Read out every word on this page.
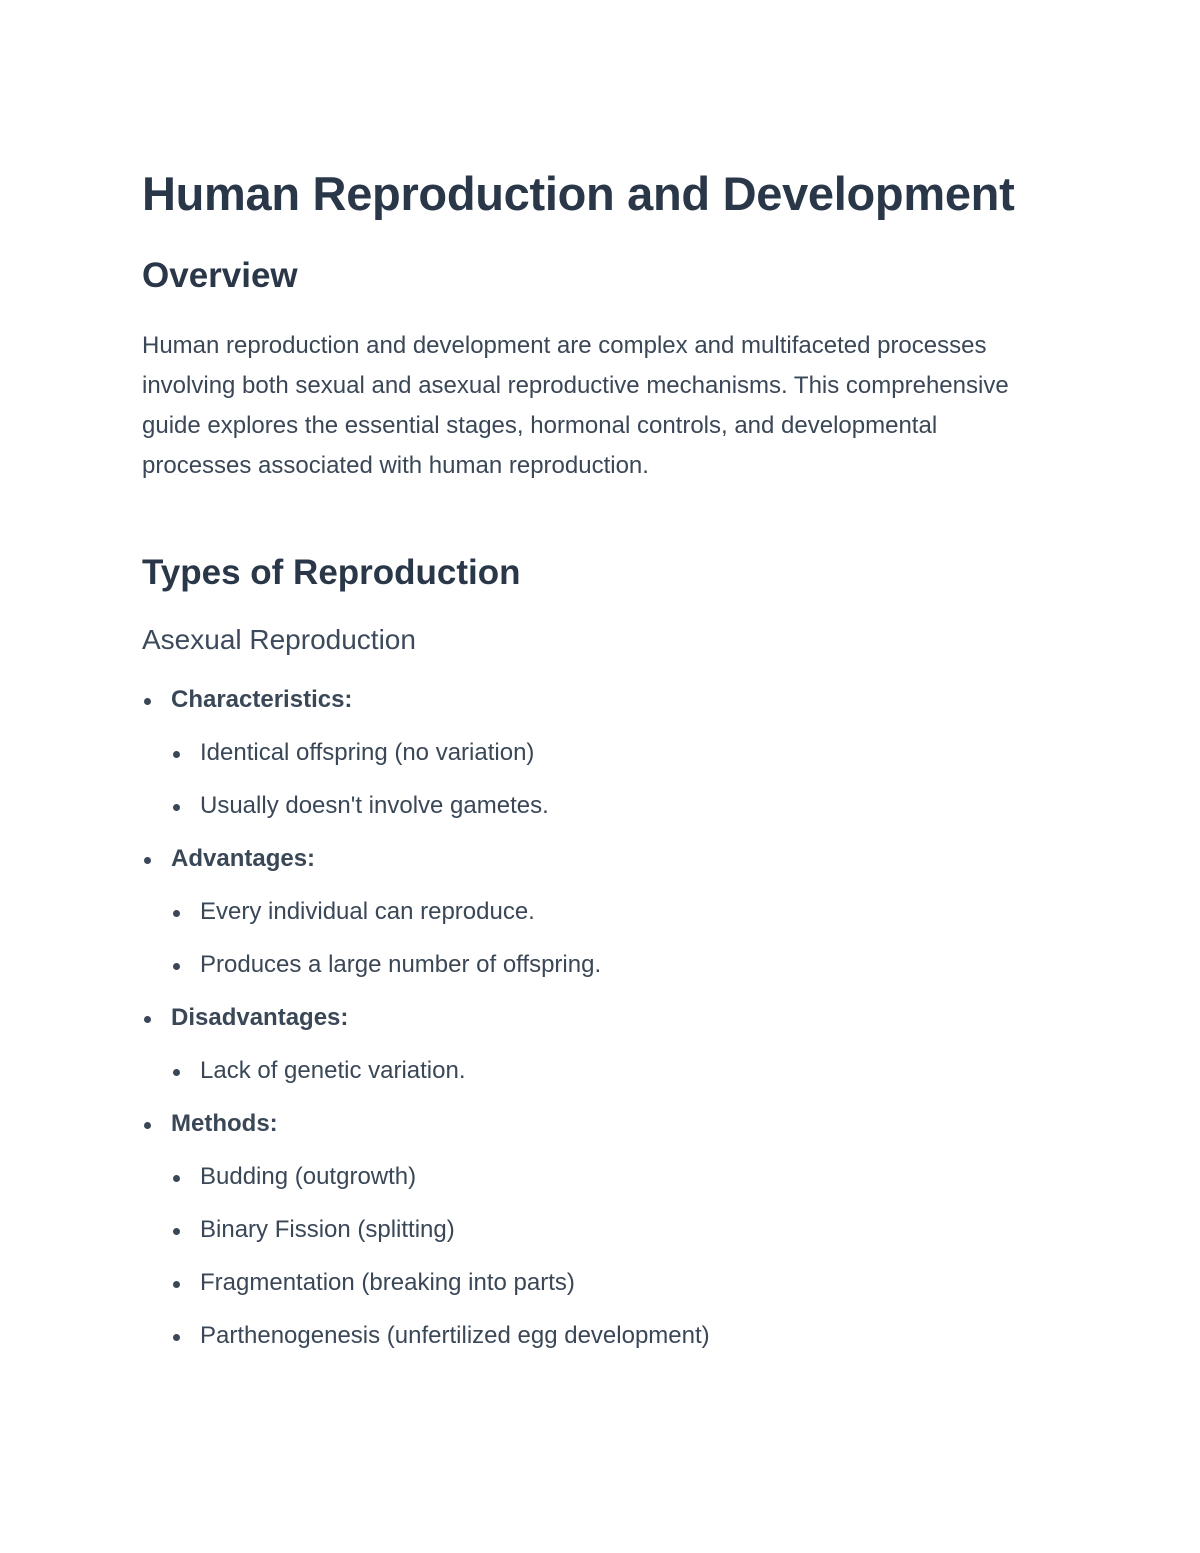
Human Reproduction and Development
Overview

Human reproduction and development are complex and multifaceted processes involving both sexual and asexual reproductive mechanisms. This comprehensive guide explores the essential stages, hormonal controls, and developmental processes associated with human reproduction.

Types of Reproduction
Asexual Reproduction
Characteristics:
Identical offspring (no variation)
Usually doesn't involve gametes.
Advantages:
Every individual can reproduce.
Produces a large number of offspring.
Disadvantages:
Lack of genetic variation.
Methods:
Budding (outgrowth)
Binary Fission (splitting)
Fragmentation (breaking into parts)
Parthenogenesis (unfertilized egg development)
